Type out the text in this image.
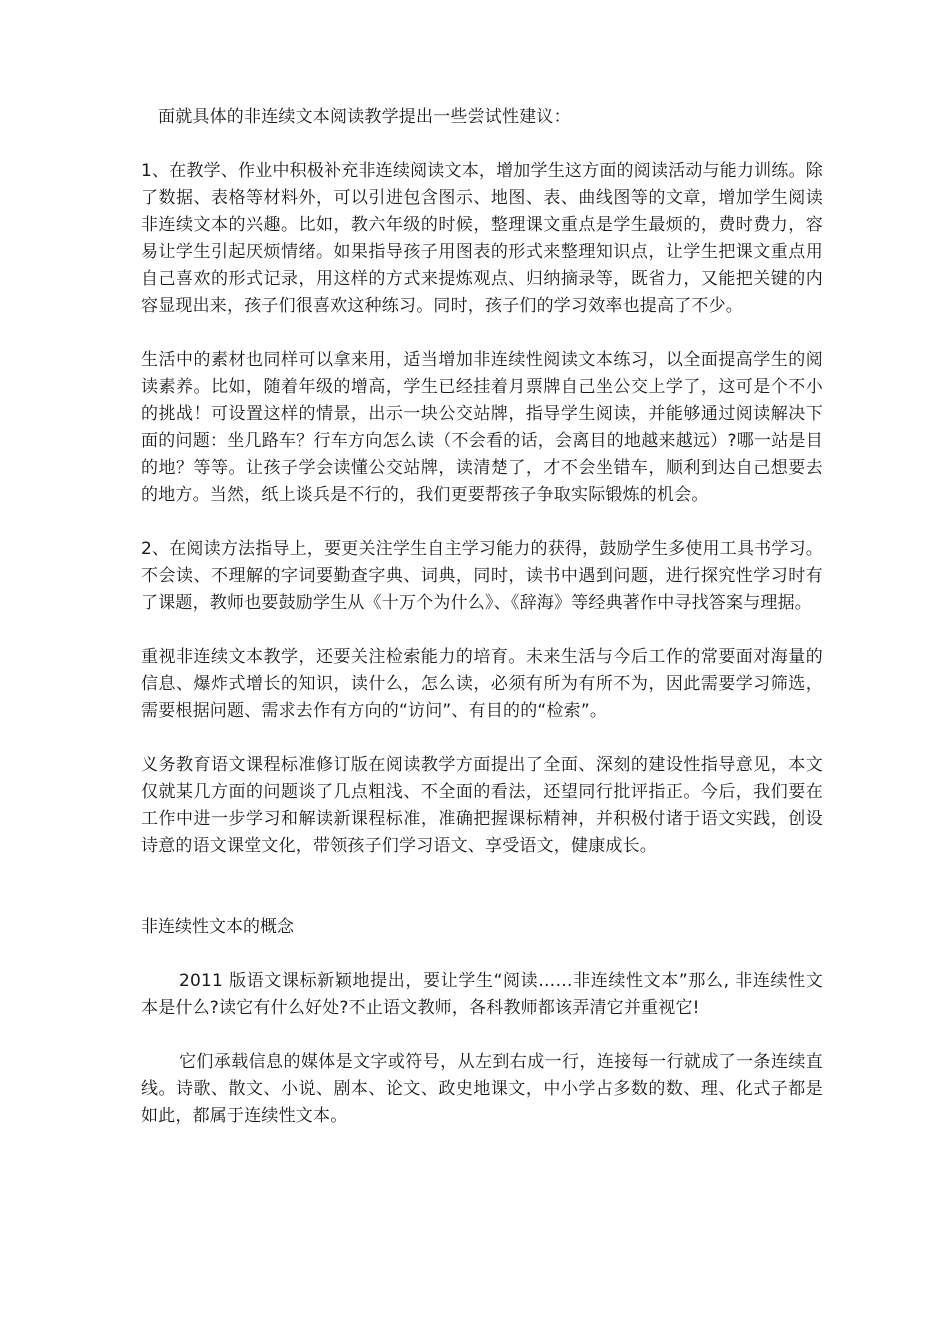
面就具体的非连续文本阅读教学提出一些尝试性建议：

1、在教学、作业中积极补充非连续阅读文本，增加学生这方面的阅读活动与能力训练。除了数据、表格等材料外，可以引进包含图示、地图、表、曲线图等的文章，增加学生阅读非连续文本的兴趣。比如，教六年级的时候，整理课文重点是学生最烦的，费时费力，容易让学生引起厌烦情绪。如果指导孩子用图表的形式来整理知识点，让学生把课文重点用自己喜欢的形式记录，用这样的方式来提炼观点、归纳摘录等，既省力，又能把关键的内容显现出来，孩子们很喜欢这种练习。同时，孩子们的学习效率也提高了不少。

生活中的素材也同样可以拿来用，适当增加非连续性阅读文本练习，以全面提高学生的阅读素养。比如，随着年级的增高，学生已经挂着月票牌自己坐公交上学了，这可是个不小的挑战！可设置这样的情景，出示一块公交站牌，指导学生阅读，并能够通过阅读解决下面的问题：坐几路车？行车方向怎么读（不会看的话，会离目的地越来越远）?哪一站是目的地？等等。让孩子学会读懂公交站牌，读清楚了，才不会坐错车，顺利到达自己想要去的地方。当然，纸上谈兵是不行的，我们更要帮孩子争取实际锻炼的机会。

2、在阅读方法指导上，要更关注学生自主学习能力的获得，鼓励学生多使用工具书学习。不会读、不理解的字词要勤查字典、词典，同时，读书中遇到问题，进行探究性学习时有了课题，教师也要鼓励学生从《十万个为什么》、《辞海》等经典著作中寻找答案与理据。

重视非连续文本教学，还要关注检索能力的培育。未来生活与今后工作的常要面对海量的信息、爆炸式增长的知识，读什么，怎么读，必须有所为有所不为，因此需要学习筛选，需要根据问题、需求去作有方向的“访问”、有目的的“检索”。

义务教育语文课程标准修订版在阅读教学方面提出了全面、深刻的建设性指导意见，本文仅就某几方面的问题谈了几点粗浅、不全面的看法，还望同行批评指正。今后，我们要在工作中进一步学习和解读新课程标准，准确把握课标精神，并积极付诸于语文实践，创设诗意的语文课堂文化，带领孩子们学习语文、享受语文，健康成长。

非连续性文本的概念

2011 版语文课标新颖地提出，要让学生“阅读……非连续性文本”那么, 非连续性文本是什么?读它有什么好处?不止语文教师，各科教师都该弄清它并重视它!

它们承载信息的媒体是文字或符号，从左到右成一行，连接每一行就成了一条连续直线。诗歌、散文、小说、剧本、论文、政史地课文，中小学占多数的数、理、化式子都是如此，都属于连续性文本。
